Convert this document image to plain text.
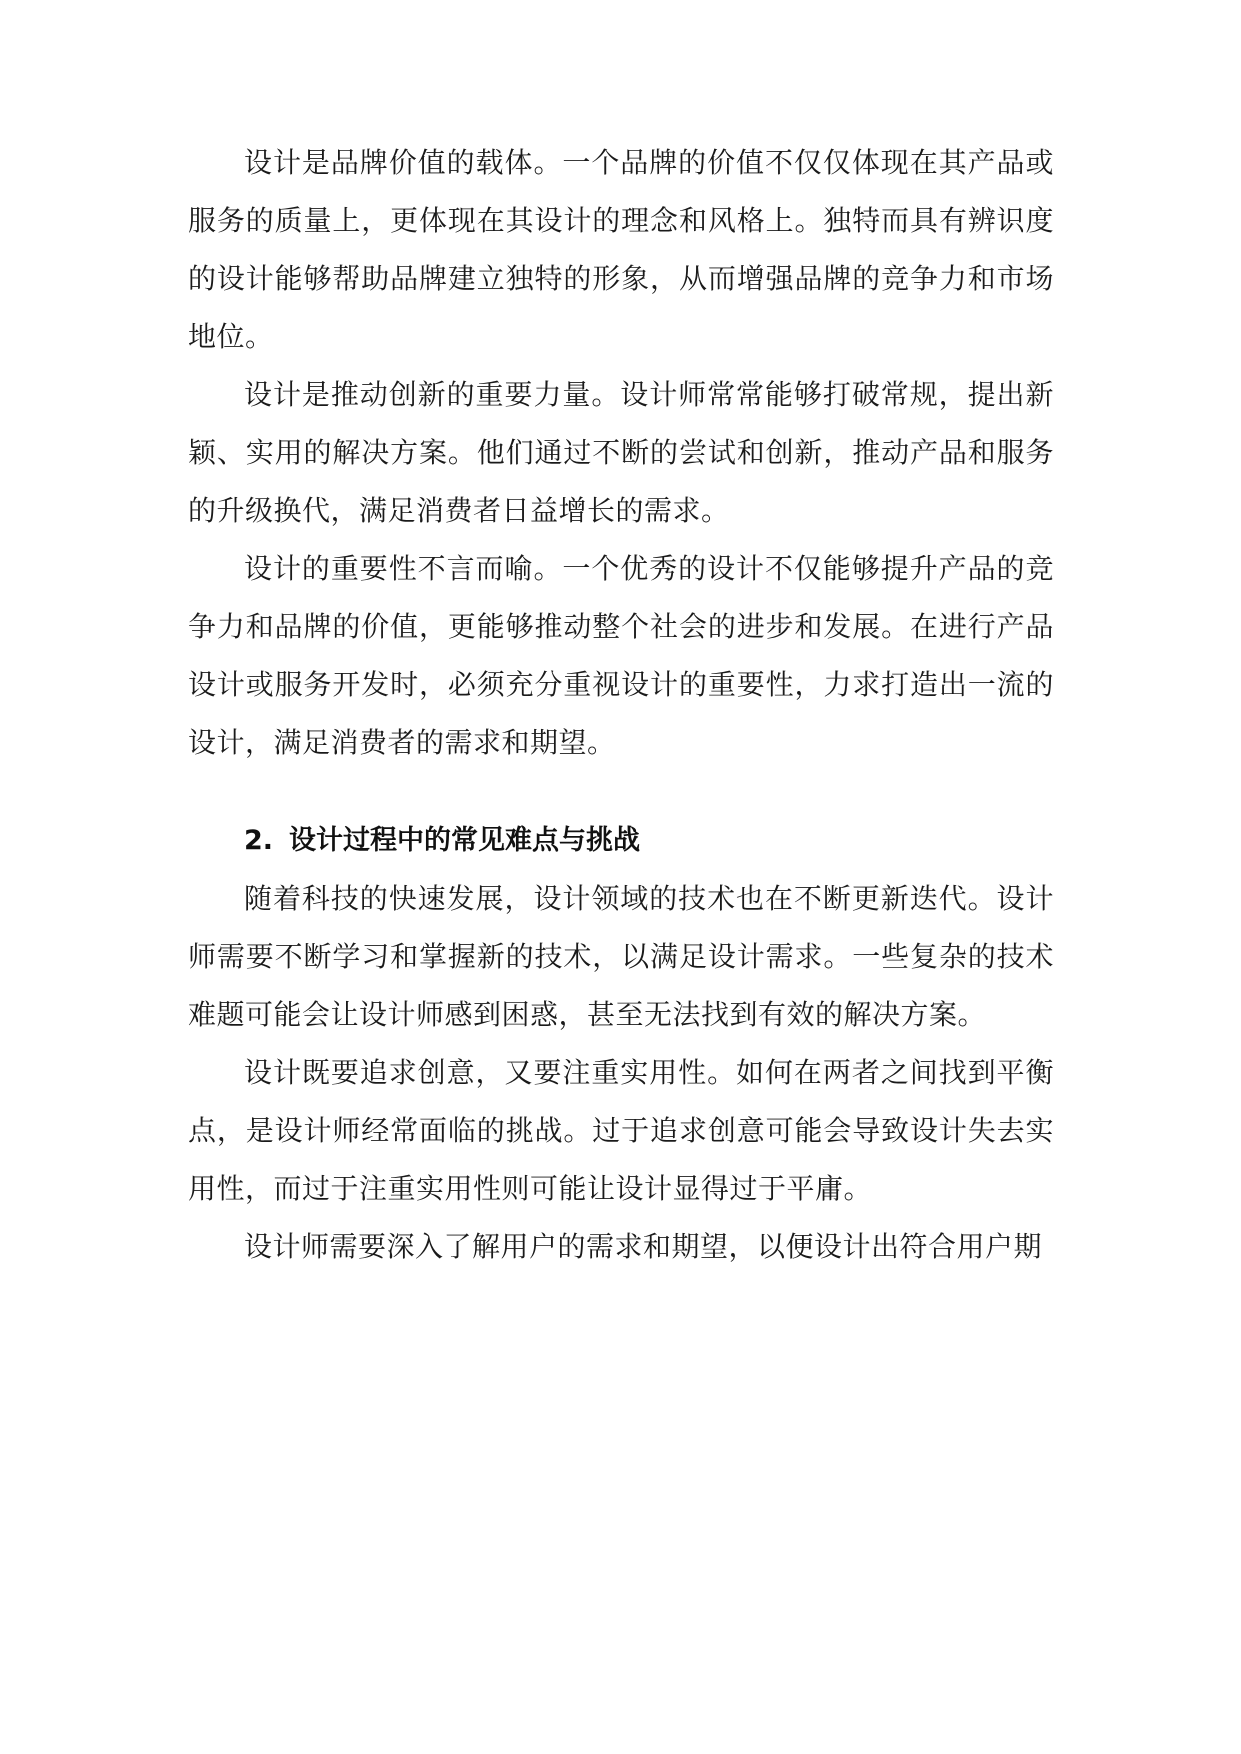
设计是品牌价值的载体。一个品牌的价值不仅仅体现在其产品或服务的质量上，更体现在其设计的理念和风格上。独特而具有辨识度的设计能够帮助品牌建立独特的形象，从而增强品牌的竞争力和市场地位。

设计是推动创新的重要力量。设计师常常能够打破常规，提出新颖、实用的解决方案。他们通过不断的尝试和创新，推动产品和服务的升级换代，满足消费者日益增长的需求。

设计的重要性不言而喻。一个优秀的设计不仅能够提升产品的竞争力和品牌的价值，更能够推动整个社会的进步和发展。在进行产品设计或服务开发时，必须充分重视设计的重要性，力求打造出一流的设计，满足消费者的需求和期望。

2. 设计过程中的常见难点与挑战

随着科技的快速发展，设计领域的技术也在不断更新迭代。设计师需要不断学习和掌握新的技术，以满足设计需求。一些复杂的技术难题可能会让设计师感到困惑，甚至无法找到有效的解决方案。

设计既要追求创意，又要注重实用性。如何在两者之间找到平衡点，是设计师经常面临的挑战。过于追求创意可能会导致设计失去实用性，而过于注重实用性则可能让设计显得过于平庸。

设计师需要深入了解用户的需求和期望，以便设计出符合用户期
